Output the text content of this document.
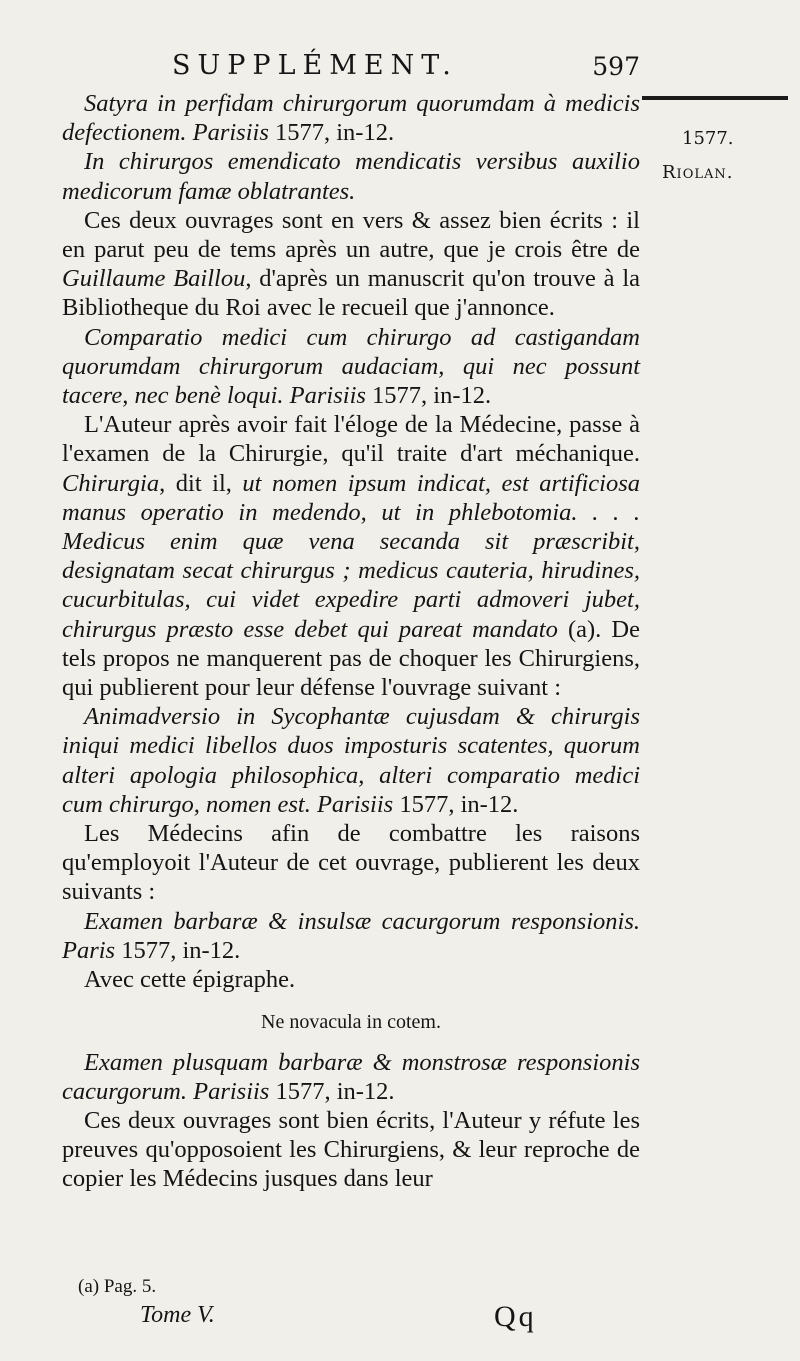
SUPPLÉMENT.	597
1577.
Riolan.

Satyra in perfidam chirurgorum quorumdam à medicis defectionem. Parisiis 1577, in-12.

In chirurgos emendicato mendicatis versibus auxilio medicorum famæ oblatrantes.

Ces deux ouvrages sont en vers & assez bien écrits : il en parut peu de tems après un autre, que je crois être de Guillaume Baillou, d'après un manuscrit qu'on trouve à la Bibliotheque du Roi avec le recueil que j'annonce.

Comparatio medici cum chirurgo ad castigandam quorumdam chirurgorum audaciam, qui nec possunt tacere, nec benè loqui. Parisiis 1577, in-12.

L'Auteur après avoir fait l'éloge de la Médecine, passe à l'examen de la Chirurgie, qu'il traite d'art méchanique. Chirurgia, dit il, ut nomen ipsum indicat, est artificiosa manus operatio in medendo, ut in phlebotomia. . . . Medicus enim quæ vena secanda sit præscribit, designatam secat chirurgus ; medicus cauteria, hirudines, cucurbitulas, cui videt expedire parti admoveri jubet, chirurgus præsto esse debet qui pareat mandato (a). De tels propos ne manquerent pas de choquer les Chirurgiens, qui publierent pour leur défense l'ouvrage suivant :

Animadversio in Sycophantæ cujusdam & chirurgis iniqui medici libellos duos imposturis scatentes, quorum alteri apologia philosophica, alteri comparatio medici cum chirurgo, nomen est. Parisiis 1577, in-12.

Les Médecins afin de combattre les raisons qu'employoit l'Auteur de cet ouvrage, publierent les deux suivants :

Examen barbaræ & insulsæ cacurgorum responsionis. Paris 1577, in-12.

Avec cette épigraphe.

Ne novacula in cotem.

Examen plusquam barbaræ & monstrosæ responsionis cacurgorum. Parisiis 1577, in-12.

Ces deux ouvrages sont bien écrits, l'Auteur y réfute les preuves qu'opposoient les Chirurgiens, & leur reproche de copier les Médecins jusques dans leur

(a) Pag. 5.
Tome V.	Qq
